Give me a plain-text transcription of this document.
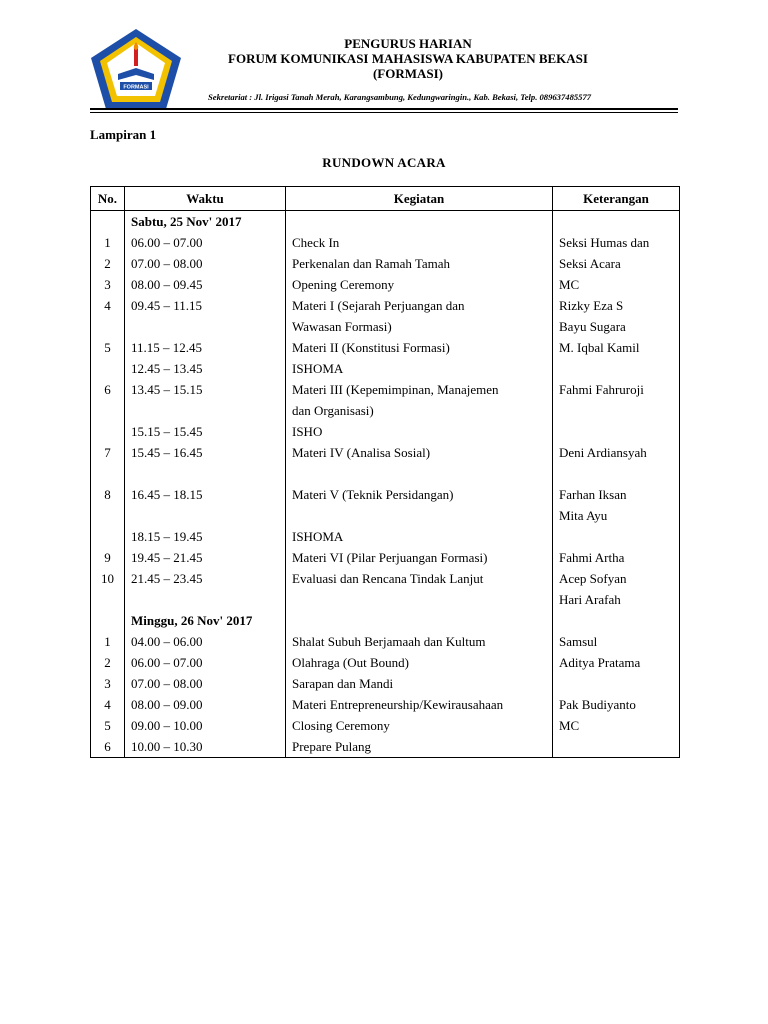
FORMASI
PENGURUS HARIAN
FORUM KOMUNIKASI MAHASISWA KABUPATEN BEKASI
(FORMASI)
Sekretariat : Jl. Irigasi Tanah Merah, Karangsambung, Kedungwaringin., Kab. Bekasi, Telp. 089637485577
Lampiran 1
RUNDOWN ACARA
No.	Waktu	Kegiatan	Keterangan
	Sabtu, 25 Nov' 2017		
1	06.00 – 07.00	Check In	Seksi Humas dan
2	07.00 – 08.00	Perkenalan dan Ramah Tamah	Seksi Acara
3	08.00 – 09.45	Opening Ceremony	MC
4	09.45 – 11.15	Materi I (Sejarah Perjuangan dan	Rizky Eza S
		Wawasan Formasi)	Bayu Sugara
5	11.15 – 12.45	Materi II (Konstitusi Formasi)	M. Iqbal Kamil
	12.45 – 13.45	ISHOMA	
6	13.45 – 15.15	Materi III (Kepemimpinan, Manajemen	Fahmi Fahruroji
		dan Organisasi)	
	15.15 – 15.45	ISHO	
7	15.45 – 16.45	Materi IV (Analisa Sosial)	Deni Ardiansyah

8	16.45 – 18.15	Materi V (Teknik Persidangan)	Farhan Iksan
			Mita Ayu
	18.15 – 19.45	ISHOMA	
9	19.45 – 21.45	Materi VI (Pilar Perjuangan Formasi)	Fahmi Artha
10	21.45 – 23.45	Evaluasi dan Rencana Tindak Lanjut	Acep Sofyan
			Hari Arafah
	Minggu, 26 Nov' 2017		
1	04.00 – 06.00	Shalat Subuh Berjamaah dan Kultum	Samsul
2	06.00 – 07.00	Olahraga (Out Bound)	Aditya Pratama
3	07.00 – 08.00	Sarapan dan Mandi	
4	08.00 – 09.00	Materi Entrepreneurship/Kewirausahaan	Pak Budiyanto
5	09.00 – 10.00	Closing Ceremony	MC
6	10.00 – 10.30	Prepare Pulang	
